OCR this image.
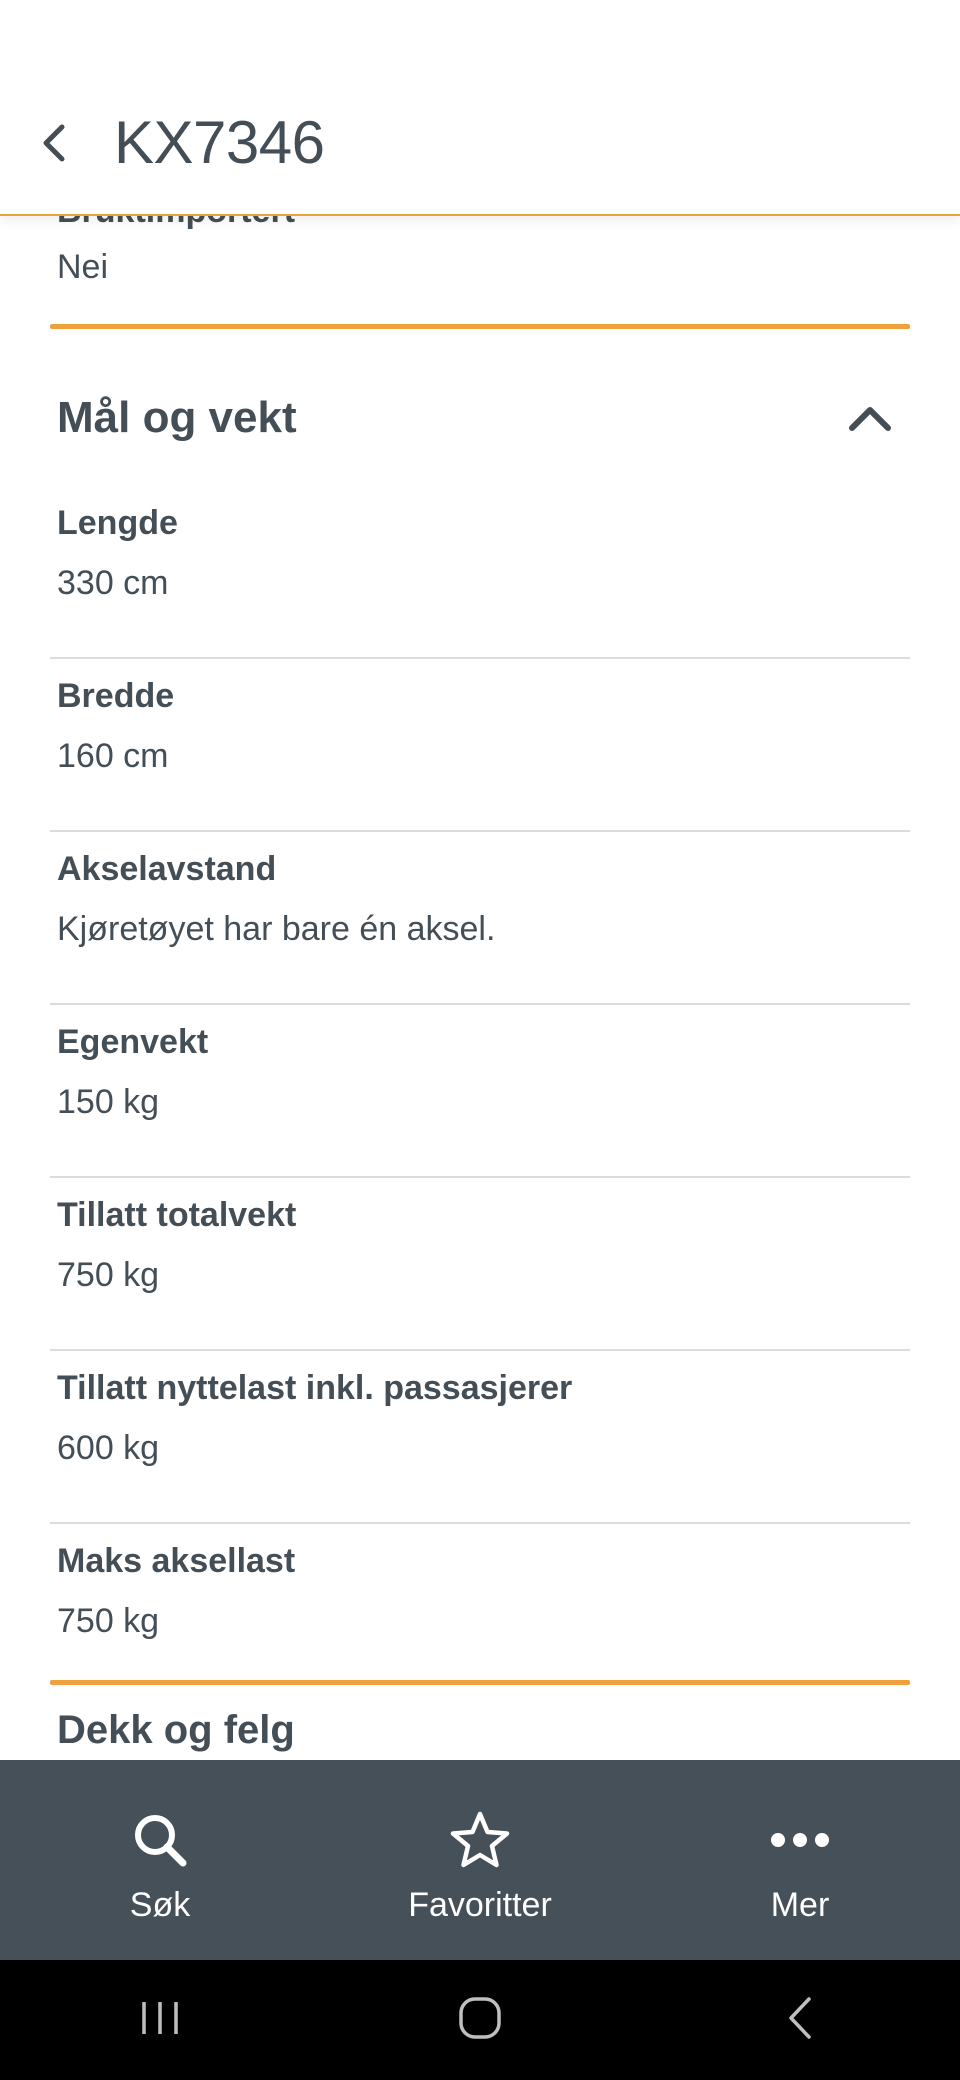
Nei
Mål og vekt
Lengde
330 cm
Bredde
160 cm
Akselavstand
Kjøretøyet har bare én aksel.
Egenvekt
150 kg
Tillatt totalvekt
750 kg
Tillatt nyttelast inkl. passasjerer
600 kg
Maks aksellast
750 kg
Dekk og felg
KX7346
Søk	Favoritter	Mer
